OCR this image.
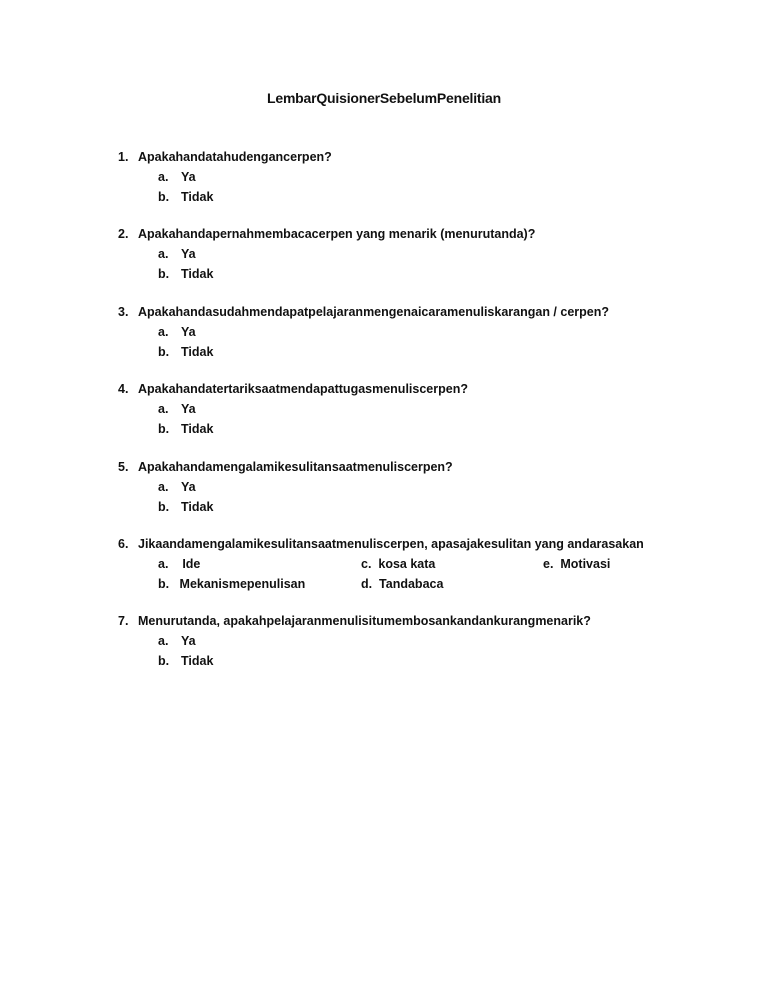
LembarQuisionerSebelumPenelitian
1. Apakahandatahudengancerpen?
a. Ya
b. Tidak
2. Apakahandapernahmembacacerpen yang menarik (menurutanda)?
a. Ya
b. Tidak
3. Apakahandasudahmendapatpelajaranmengenaicaramenuliskarangan / cerpen?
a. Ya
b. Tidak
4. Apakahandatertariksaatmendapattugasmenuliscerpen?
a. Ya
b. Tidak
5. Apakahandamengalamikesulitansaatmenuliscerpen?
a. Ya
b. Tidak
6. Jikaandamengalamikesulitansaatmenuliscerpen, apasajakesulitan yang andarasakan
a.    Ide	c.  kosa kata	e.  Motivasi
b.   Mekanismepenulisan	d.  Tandabaca
7. Menurutanda, apakahpelajaranmenulisitumembosankandankurangmenarik?
a. Ya
b. Tidak
